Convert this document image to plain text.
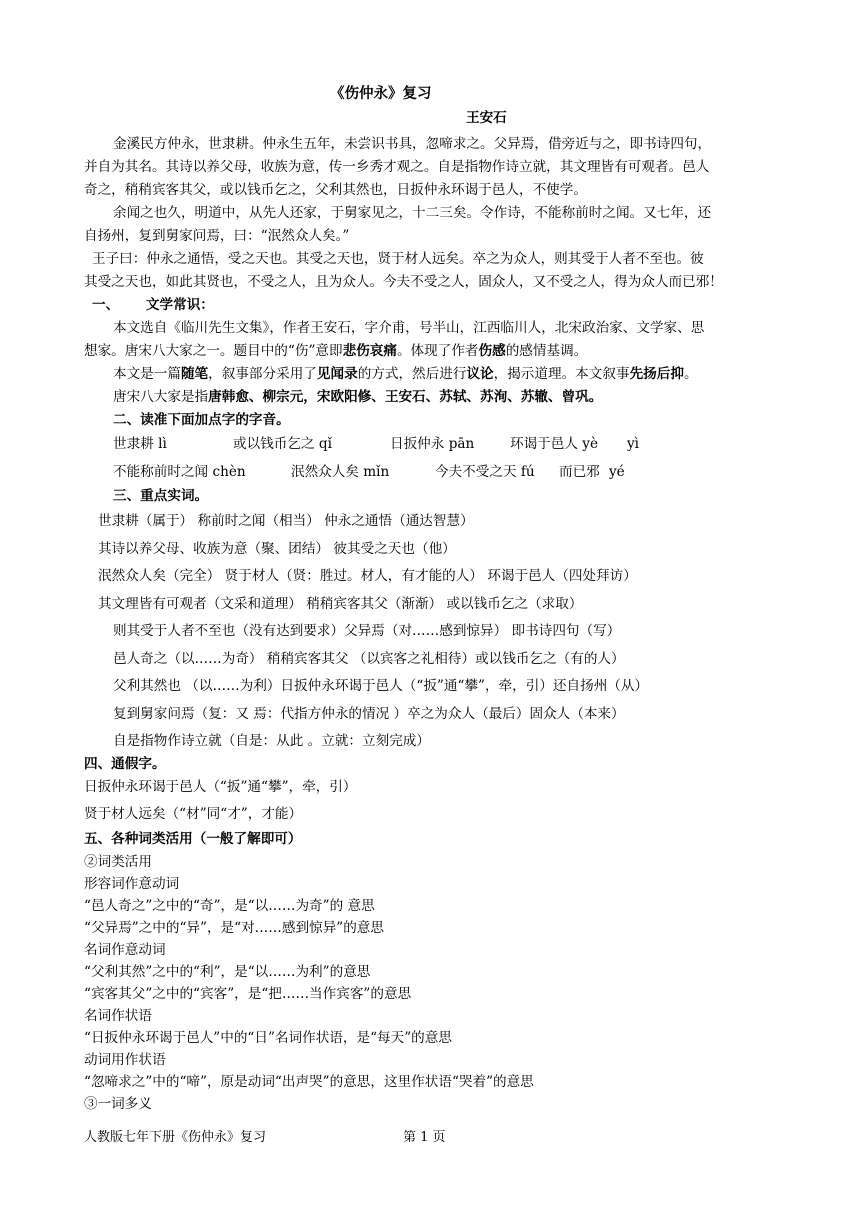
《伤仲永》复习
王安石
金溪民方仲永，世隶耕。仲永生五年，未尝识书具，忽啼求之。父异焉，借旁近与之，即书诗四句，
并自为其名。其诗以养父母，收族为意，传一乡秀才观之。自是指物作诗立就，其文理皆有可观者。邑人
奇之，稍稍宾客其父，或以钱币乞之，父利其然也，日扳仲永环谒于邑人，不使学。
余闻之也久，明道中，从先人还家，于舅家见之，十二三矣。令作诗，不能称前时之闻。又七年，还
自扬州，复到舅家问焉，曰：“泯然众人矣。”
王子曰：仲永之通悟，受之天也。其受之天也，贤于材人远矣。卒之为众人，则其受于人者不至也。彼
其受之天也，如此其贤也，不受之人，且为众人。今夫不受之人，固众人，又不受之人，得为众人而已邪！
一、 文学常识：
本文选自《临川先生文集》，作者王安石，字介甫，号半山，江西临川人，北宋政治家、文学家、思
想家。唐宋八大家之一。题目中的“伤”意即悲伤哀痛。体现了作者伤感的感情基调。
本文是一篇随笔，叙事部分采用了见闻录的方式，然后进行议论，揭示道理。本文叙事先扬后抑。
唐宋八大家是指唐韩愈、柳宗元，宋欧阳修、王安石、苏轼、苏洵、苏辙、曾巩。
二、读准下面加点字的字音。
世隶耕 lì	或以钱币乞之 qǐ	日扳仲永 pān	环谒于邑人 yè yì
不能称前时之闻 chèn	泯然众人矣 mǐn	今夫不受之天 fú 而已邪 yé
三、重点实词。
世隶耕（属于） 称前时之闻（相当） 仲永之通悟（通达智慧）
其诗以养父母、收族为意（聚、团结） 彼其受之天也（他）
泯然众人矣（完全） 贤于材人（贤：胜过。材人，有才能的人） 环谒于邑人（四处拜访）
其文理皆有可观者（文采和道理） 稍稍宾客其父（渐渐） 或以钱币乞之（求取）
则其受于人者不至也（没有达到要求）父异焉（对……感到惊异） 即书诗四句（写）
邑人奇之（以……为奇） 稍稍宾客其父 （以宾客之礼相待）或以钱币乞之（有的人）
父利其然也 （以……为利）日扳仲永环谒于邑人（“扳”通“攀”，牵，引）还自扬州（从）
复到舅家问焉（复：又 焉：代指方仲永的情况 ）卒之为众人（最后）固众人（本来）
自是指物作诗立就（自是：从此 。立就：立刻完成）
四、通假字。
日扳仲永环谒于邑人（“扳”通“攀”，牵，引）
贤于材人远矣（“材”同“才”，才能）
五、各种词类活用（一般了解即可）
②词类活用
形容词作意动词
“邑人奇之”之中的“奇”，是“以……为奇”的 意思
“父异焉”之中的“异”，是“对……感到惊异”的意思
名词作意动词
“父利其然”之中的“利”，是“以……为利”的意思
“宾客其父”之中的“宾客”，是“把……当作宾客”的意思
名词作状语
“日扳仲永环谒于邑人”中的“日”名词作状语，是“每天”的意思
动词用作状语
“忽啼求之”中的“啼”，原是动词“出声哭”的意思，这里作状语“哭着”的意思
③一词多义
人教版七年下册《伤仲永》复习	第 1 页
